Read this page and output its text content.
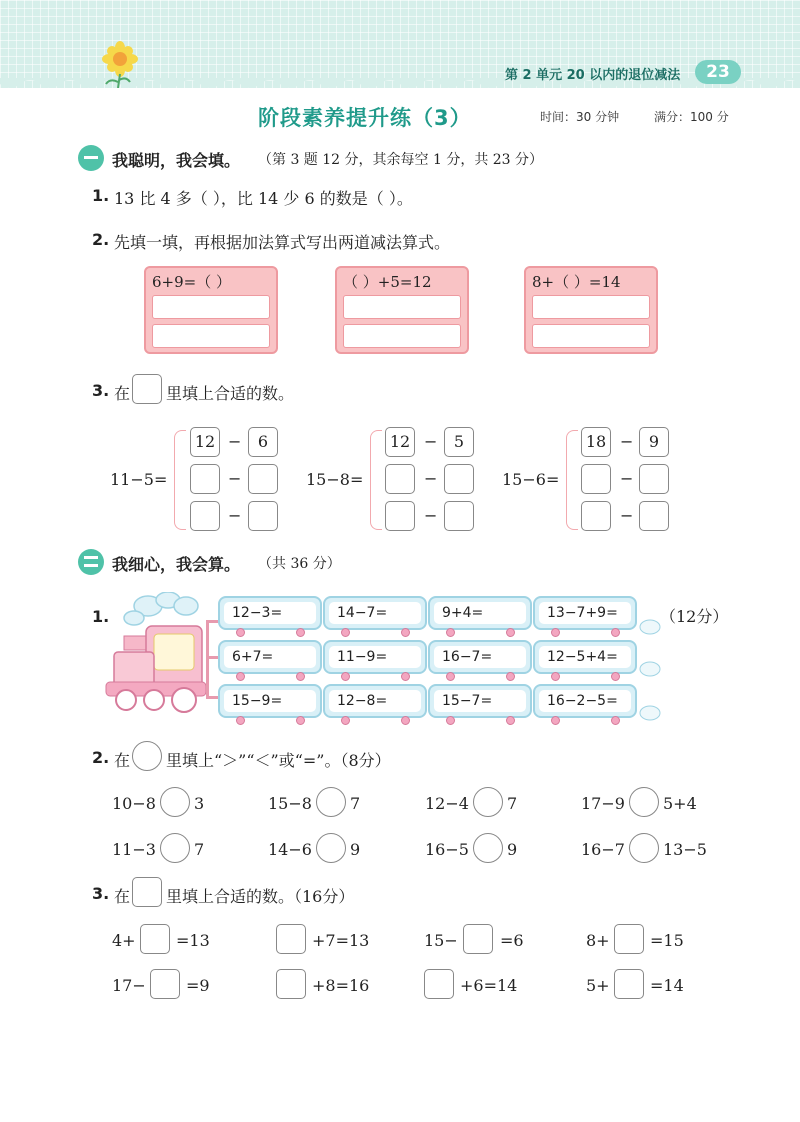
第 2 单元 20 以内的退位减法	23
阶段素养提升练（3）	时间：30 分钟	满分：100 分
我聪明，我会填。 （第 3 题 12 分，其余每空 1 分，共 23 分）
1. 13 比 4 多（ ），比 14 少 6 的数是（ ）。
2. 先填一填，再根据加法算式写出两道减法算式。
6+9=（ ）	（ ）+5=12	8+（ ）=14
3. 在 里填上合适的数。
11−5=
12 −	6
−
−
15−8=
12 −	5
−
−
15−6=
18 − 9
−
−
我细心，我会算。 （共 36 分）
1.	12−3=	14−7=	9+4=	13−7+9=	（12分）
6+7=	11−9=	16−7=	12−5+4=
15−9=	12−8=	15−7=	16−2−5=
2. 在 里填上“＞”“＜”或“=”。（8分）
10−8 3	15−8 7	12−4 7	17−9 5+4
11−3 7	14−6 9	16−5 9	16−7 13−5
3. 在 里填上合适的数。（16分）
4+	=13	+7=13	15−	=6	8+	=15
17−	=9	+8=16	+6=14	5+	=14
